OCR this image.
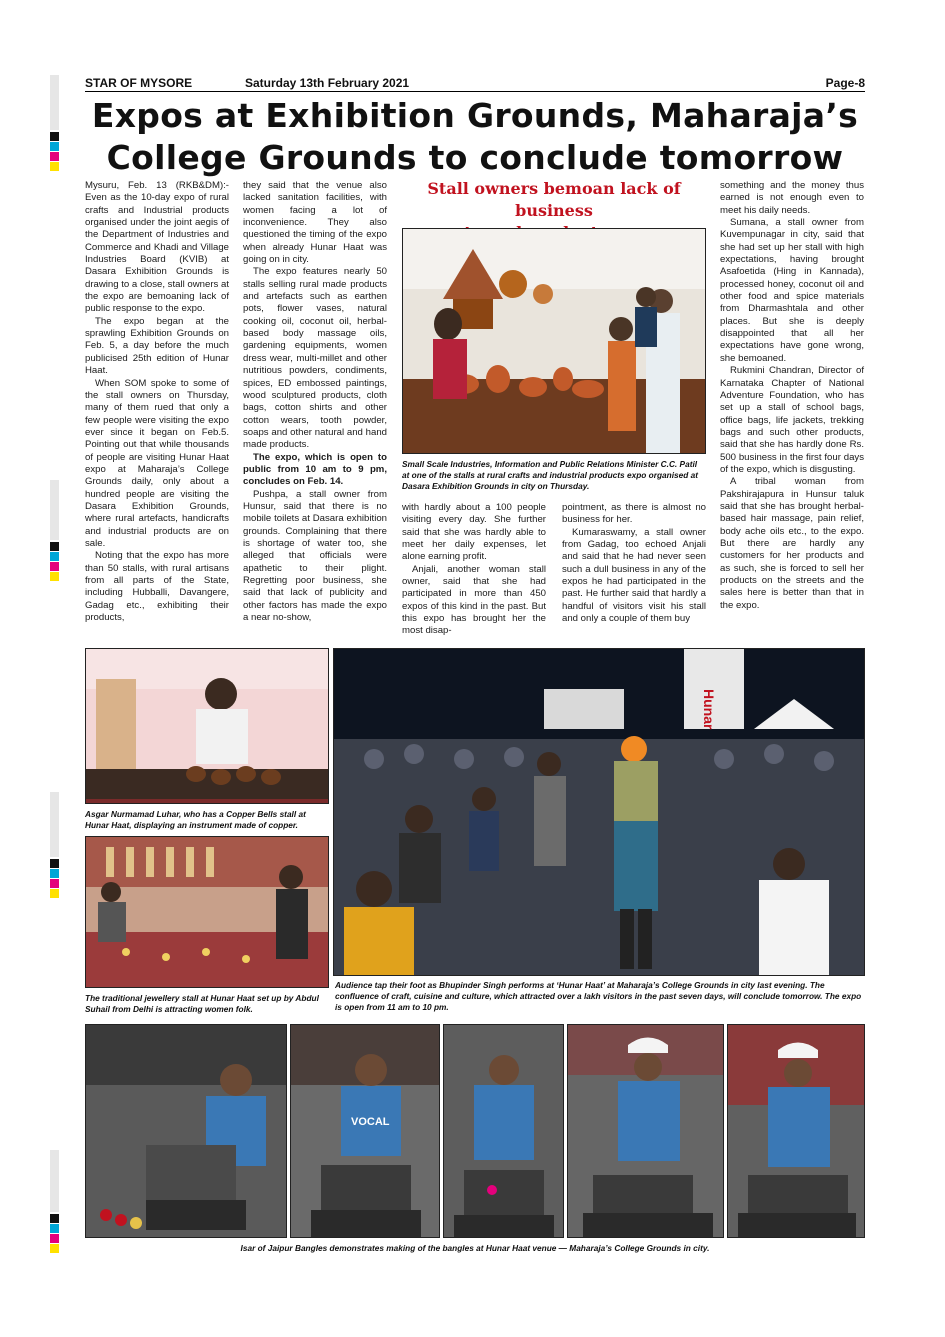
STAR OF MYSORE	Saturday 13th February 2021	Page-8
Expos at Exhibition Grounds, Maharaja’s
College Grounds to conclude tomorrow

Mysuru, Feb. 13 (RKB&DM):- Even as the 10-day expo of rural crafts and Industrial products organised under the joint aegis of the Department of Industries and Commerce and Khadi and Village Industries Board (KVIB) at Dasara Exhibition Grounds is drawing to a close, stall owners at the expo are bemoaning lack of public response to the expo.

The expo began at the sprawling Exhibition Grounds on Feb. 5, a day before the much publicised 25th edition of Hunar Haat.

When SOM spoke to some of the stall owners on Thursday, many of them rued that only a few people were visiting the expo ever since it began on Feb.5. Pointing out that while thousands of people are visiting Hunar Haat expo at Maharaja’s College Grounds daily, only about a hundred people are visiting the Dasara Exhibition Grounds, where rural artefacts, handicrafts and industrial products are on sale.

Noting that the expo has more than 50 stalls, with rural artisans from all parts of the State, including Hubballi, Davangere, Gadag etc., exhibiting their products,

they said that the venue also lacked sanitation facilities, with women facing a lot of inconvenience. They also questioned the timing of the expo when already Hunar Haat was going on in city.

The expo features nearly 50 stalls selling rural made products and artefacts such as earthen pots, flower vases, natural cooking oil, coconut oil, herbal-based body massage oils, gardening equipments, women dress wear, multi-millet and other nutritious powders, condiments, spices, ED embossed paintings, wood sculptured products, cloth bags, cotton shirts and other cotton wears, tooth powder, soaps and other natural and hand made products.

The expo, which is open to public from 10 am to 9 pm, concludes on Feb. 14.

Pushpa, a stall owner from Hunsur, said that there is no mobile toilets at Dasara exhibition grounds. Complaining that there is shortage of water too, she alleged that officials were apathetic to their plight. Regretting poor business, she said that lack of publicity and other factors has made the expo a near no-show,

Stall owners bemoan lack of business
Small Scale Industries, Information and Public Relations Minister C.C. Patil at one of the stalls at rural crafts and industrial products expo organised at Dasara Exhibition Grounds in city on Thursday.

with hardly about a 100 people visiting every day. She further said that she was hardly able to meet her daily expenses, let alone earning profit.

Anjali, another woman stall owner, said that she had participated in more than 450 expos of this kind in the past. But this expo has brought her the most disap-

pointment, as there is almost no business for her.

Kumaraswamy, a stall owner from Gadag, too echoed Anjali and said that he had never seen such a dull business in any of the expos he had participated in the past. He further said that hardly a handful of visitors visit his stall and only a couple of them buy

something and the money thus earned is not enough even to meet his daily needs.

Sumana, a stall owner from Kuvempunagar in city, said that she had set up her stall with high expectations, having brought Asafoetida (Hing in Kannada), processed honey, coconut oil and other food and spice materials from Dharmashtala and other places. But she is deeply disappointed that all her expectations have gone wrong, she bemoaned.

Rukmini Chandran, Director of Karnataka Chapter of National Adventure Foundation, who has set up a stall of school bags, office bags, life jackets, trekking bags and such other products, said that she has hardly done Rs. 500 business in the first four days of the expo, which is disgusting.

A tribal woman from Pakshirajapura in Hunsur taluk said that she has brought herbal-based hair massage, pain relief, body ache oils etc., to the expo. But there are hardly any customers for her products and as such, she is forced to sell her products on the streets and the sales here is better than that in the expo.

Asgar Nurmamad Luhar, who has a Copper Bells stall at Hunar Haat, displaying an instrument made of copper.
The traditional jewellery stall at Hunar Haat set up by Abdul Suhail from Delhi is attracting women folk.
Hunar
Audience tap their foot as Bhupinder Singh performs at ‘Hunar Haat’ at Maharaja’s College Grounds in city last evening. The confluence of craft, cuisine and culture, which attracted over a lakh visitors in the past seven days, will conclude tomorrow. The expo is open from 11 am to 10 pm.
VOCAL
Isar of Jaipur Bangles demonstrates making of the bangles at Hunar Haat venue — Maharaja’s College Grounds in city.
